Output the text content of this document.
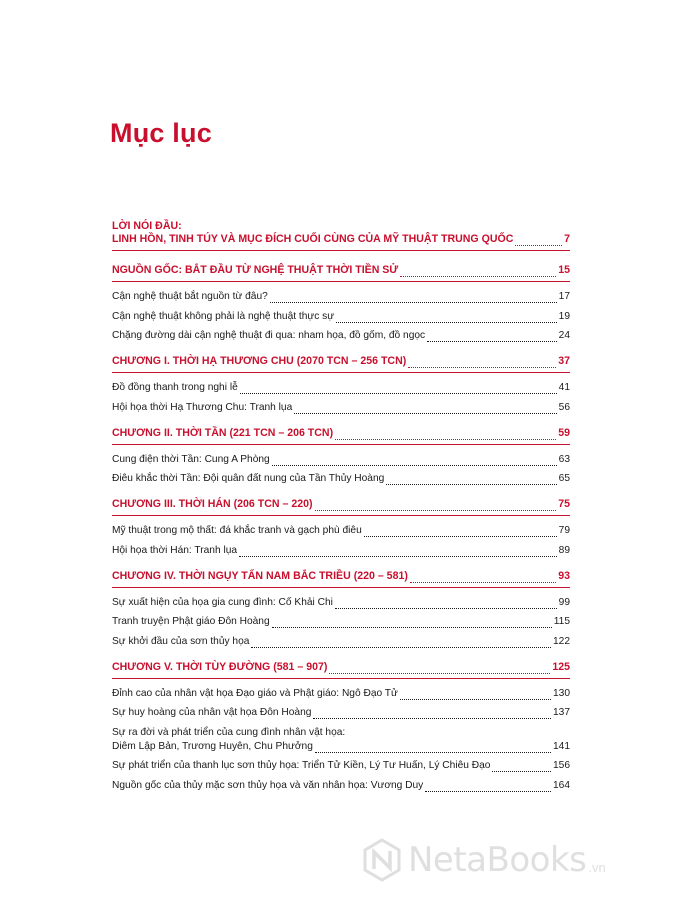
Mục lục
LỜI NÓI ĐẦU:
LINH HỒN, TINH TÚY VÀ MỤC ĐÍCH CUỐI CÙNG CỦA MỸ THUẬT TRUNG QUỐC	7
NGUỒN GỐC: BẮT ĐẦU TỪ NGHỆ THUẬT THỜI TIỀN SỬ	15
Cận nghệ thuật bắt nguồn từ đâu?	17
Cận nghệ thuật không phải là nghệ thuật thực sự	19
Chặng đường dài cận nghệ thuật đi qua: nham họa, đồ gốm, đồ ngọc	24
CHƯƠNG I. THỜI HẠ THƯƠNG CHU (2070 TCN – 256 TCN)	37
Đồ đồng thanh trong nghi lễ	41
Hội họa thời Hạ Thương Chu: Tranh lụa	56
CHƯƠNG II. THỜI TẦN (221 TCN – 206 TCN)	59
Cung điện thời Tần: Cung A Phòng	63
Điêu khắc thời Tần: Đội quân đất nung của Tần Thủy Hoàng	65
CHƯƠNG III. THỜI HÁN (206 TCN – 220)	75
Mỹ thuật trong mộ thất: đá khắc tranh và gạch phù điêu	79
Hội họa thời Hán: Tranh lụa	89
CHƯƠNG IV. THỜI NGỤY TẤN NAM BẮC TRIỀU (220 – 581)	93
Sự xuất hiện của họa gia cung đình: Cố Khải Chi	99
Tranh truyện Phật giáo Đôn Hoàng	115
Sự khởi đầu của sơn thủy họa	122
CHƯƠNG V. THỜI TÙY ĐƯỜNG (581 – 907)	125
Đỉnh cao của nhân vật họa Đạo giáo và Phật giáo: Ngô Đạo Tử	130
Sự huy hoàng của nhân vật họa Đôn Hoàng	137
Sự ra đời và phát triển của cung đình nhân vật họa:
Diêm Lập Bản, Trương Huyên, Chu Phưởng	141
Sự phát triển của thanh lục sơn thủy họa: Triển Tử Kiền, Lý Tư Huấn, Lý Chiêu Đạo	156
Nguồn gốc của thủy mặc sơn thủy họa và văn nhân họa: Vương Duy	164
NetaBooks .vn
